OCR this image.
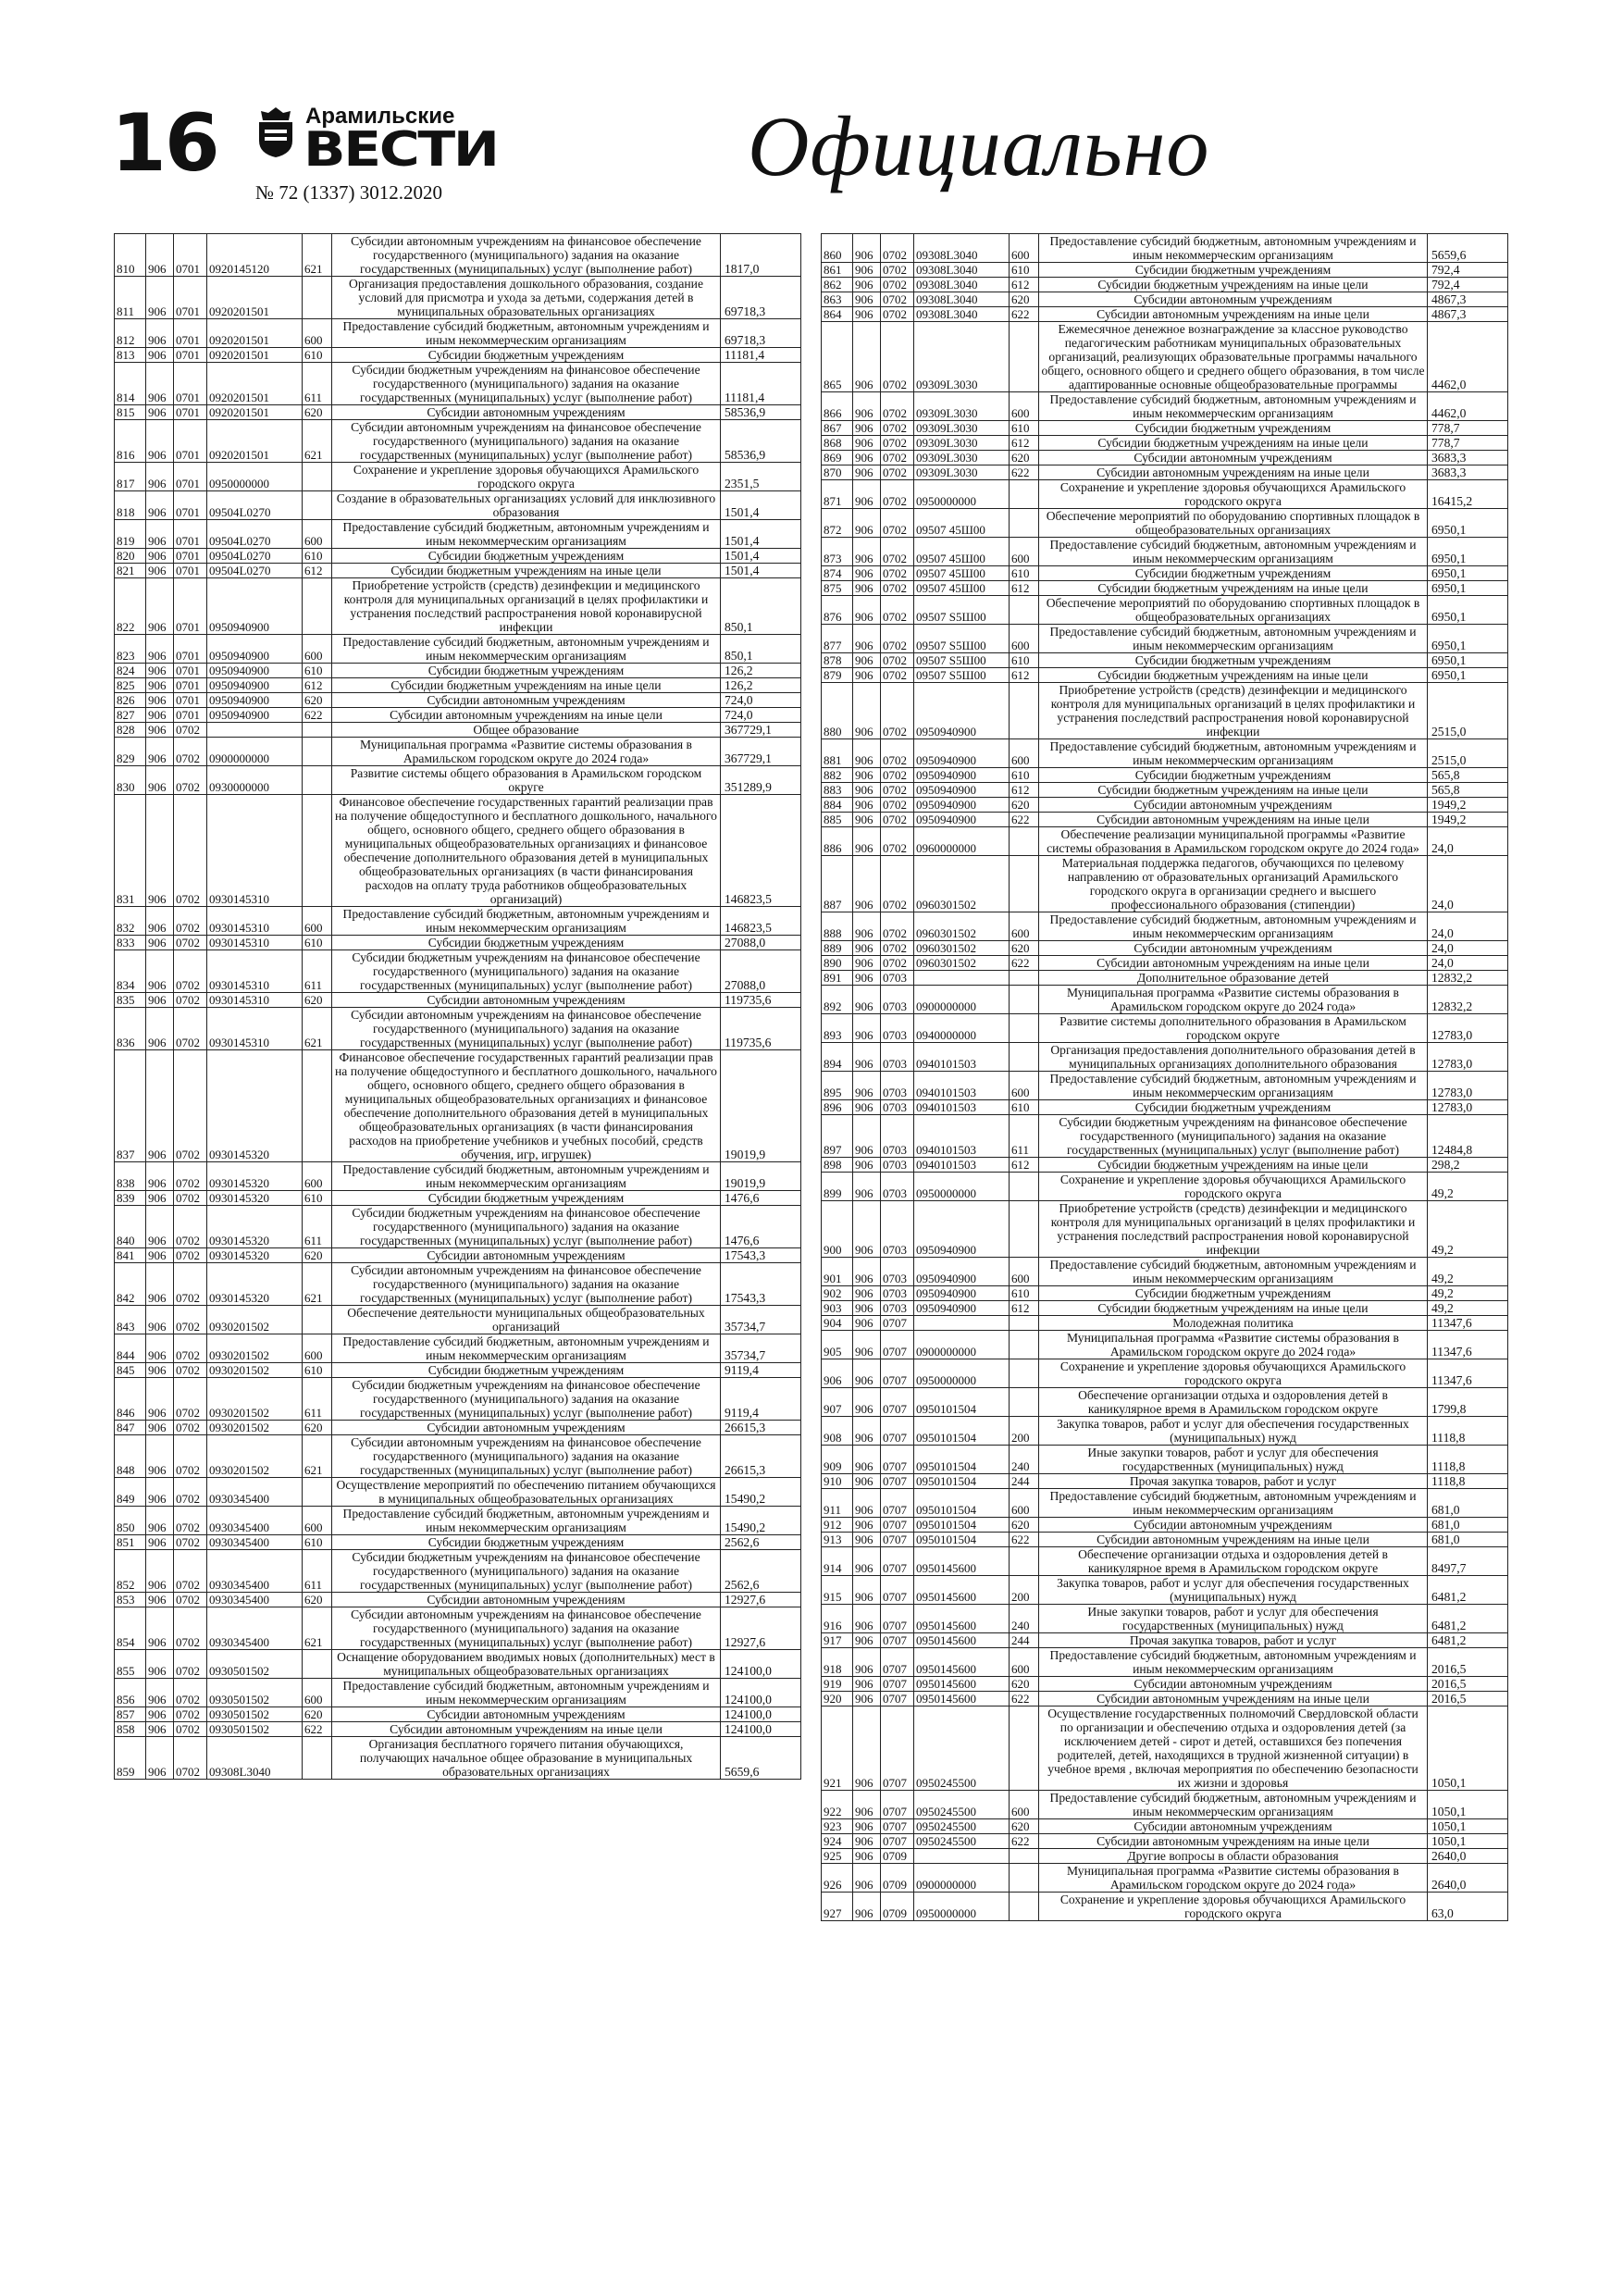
16	Арамильские
ВЕСТИ
№ 72 (1337) 3012.2020	Официально
810	906	0701	0920145120	621	Субсидии автономным учреждениям на финансовое обеспечение государственного (муниципального) задания на оказание государственных (муниципальных) услуг (выполнение работ)	1817,0
811	906	0701	0920201501		Организация предоставления дошкольного образования, создание условий для присмотра и ухода за детьми, содержания детей в муниципальных образовательных организациях	69718,3
812	906	0701	0920201501	600	Предоставление субсидий бюджетным, автономным учреждениям и иным некоммерческим организациям	69718,3
813	906	0701	0920201501	610	Субсидии бюджетным учреждениям	11181,4
814	906	0701	0920201501	611	Субсидии бюджетным учреждениям на финансовое обеспечение государственного (муниципального) задания на оказание государственных (муниципальных) услуг (выполнение работ)	11181,4
815	906	0701	0920201501	620	Субсидии автономным учреждениям	58536,9
816	906	0701	0920201501	621	Субсидии автономным учреждениям на финансовое обеспечение государственного (муниципального) задания на оказание государственных (муниципальных) услуг (выполнение работ)	58536,9
817	906	0701	0950000000		Сохранение и укрепление здоровья обучающихся Арамильского городского округа	2351,5
818	906	0701	09504L0270		Создание в образовательных организациях условий для инклюзивного образования	1501,4
819	906	0701	09504L0270	600	Предоставление субсидий бюджетным, автономным учреждениям и иным некоммерческим организациям	1501,4
820	906	0701	09504L0270	610	Субсидии бюджетным учреждениям	1501,4
821	906	0701	09504L0270	612	Субсидии бюджетным учреждениям на иные цели	1501,4
822	906	0701	0950940900		Приобретение устройств (средств) дезинфекции и медицинского контроля для муниципальных организаций в целях профилактики и устранения последствий распространения новой коронавирусной инфекции	850,1
823	906	0701	0950940900	600	Предоставление субсидий бюджетным, автономным учреждениям и иным некоммерческим организациям	850,1
824	906	0701	0950940900	610	Субсидии бюджетным учреждениям	126,2
825	906	0701	0950940900	612	Субсидии бюджетным учреждениям на иные цели	126,2
826	906	0701	0950940900	620	Субсидии автономным учреждениям	724,0
827	906	0701	0950940900	622	Субсидии автономным учреждениям на иные цели	724,0
828	906	0702			Общее образование	367729,1
829	906	0702	0900000000		Муниципальная программа «Развитие системы образования в Арамильском городском округе до 2024 года»	367729,1
830	906	0702	0930000000		Развитие системы общего образования в Арамильском городском округе	351289,9
831	906	0702	0930145310		Финансовое обеспечение государственных гарантий реализации прав на получение общедоступного и бесплатного дошкольного, начального общего, основного общего, среднего общего образования в муниципальных общеобразовательных организациях и финансовое обеспечение дополнительного образования детей в муниципальных общеобразовательных организациях (в части финансирования расходов на оплату труда работников общеобразовательных организаций)	146823,5
832	906	0702	0930145310	600	Предоставление субсидий бюджетным, автономным учреждениям и иным некоммерческим организациям	146823,5
833	906	0702	0930145310	610	Субсидии бюджетным учреждениям	27088,0
834	906	0702	0930145310	611	Субсидии бюджетным учреждениям на финансовое обеспечение государственного (муниципального) задания на оказание государственных (муниципальных) услуг (выполнение работ)	27088,0
835	906	0702	0930145310	620	Субсидии автономным учреждениям	119735,6
836	906	0702	0930145310	621	Субсидии автономным учреждениям на финансовое обеспечение государственного (муниципального) задания на оказание государственных (муниципальных) услуг (выполнение работ)	119735,6
837	906	0702	0930145320		Финансовое обеспечение государственных гарантий реализации прав на получение общедоступного и бесплатного дошкольного, начального общего, основного общего, среднего общего образования в муниципальных общеобразовательных организациях и финансовое обеспечение дополнительного образования детей в муниципальных общеобразовательных организациях (в части финансирования расходов на приобретение учебников и учебных пособий, средств обучения, игр, игрушек)	19019,9
838	906	0702	0930145320	600	Предоставление субсидий бюджетным, автономным учреждениям и иным некоммерческим организациям	19019,9
839	906	0702	0930145320	610	Субсидии бюджетным учреждениям	1476,6
840	906	0702	0930145320	611	Субсидии бюджетным учреждениям на финансовое обеспечение государственного (муниципального) задания на оказание государственных (муниципальных) услуг (выполнение работ)	1476,6
841	906	0702	0930145320	620	Субсидии автономным учреждениям	17543,3
842	906	0702	0930145320	621	Субсидии автономным учреждениям на финансовое обеспечение государственного (муниципального) задания на оказание государственных (муниципальных) услуг (выполнение работ)	17543,3
843	906	0702	0930201502		Обеспечение деятельности муниципальных общеобразовательных организаций	35734,7
844	906	0702	0930201502	600	Предоставление субсидий бюджетным, автономным учреждениям и иным некоммерческим организациям	35734,7
845	906	0702	0930201502	610	Субсидии бюджетным учреждениям	9119,4
846	906	0702	0930201502	611	Субсидии бюджетным учреждениям на финансовое обеспечение государственного (муниципального) задания на оказание государственных (муниципальных) услуг (выполнение работ)	9119,4
847	906	0702	0930201502	620	Субсидии автономным учреждениям	26615,3
848	906	0702	0930201502	621	Субсидии автономным учреждениям на финансовое обеспечение государственного (муниципального) задания на оказание государственных (муниципальных) услуг (выполнение работ)	26615,3
849	906	0702	0930345400		Осуществление мероприятий по обеспечению питанием обучающихся в муниципальных общеобразовательных организациях	15490,2
850	906	0702	0930345400	600	Предоставление субсидий бюджетным, автономным учреждениям и иным некоммерческим организациям	15490,2
851	906	0702	0930345400	610	Субсидии бюджетным учреждениям	2562,6
852	906	0702	0930345400	611	Субсидии бюджетным учреждениям на финансовое обеспечение государственного (муниципального) задания на оказание государственных (муниципальных) услуг (выполнение работ)	2562,6
853	906	0702	0930345400	620	Субсидии автономным учреждениям	12927,6
854	906	0702	0930345400	621	Субсидии автономным учреждениям на финансовое обеспечение государственного (муниципального) задания на оказание государственных (муниципальных) услуг (выполнение работ)	12927,6
855	906	0702	0930501502		Оснащение оборудованием вводимых новых (дополнительных) мест в муниципальных общеобразовательных организациях	124100,0
856	906	0702	0930501502	600	Предоставление субсидий бюджетным, автономным учреждениям и иным некоммерческим организациям	124100,0
857	906	0702	0930501502	620	Субсидии автономным учреждениям	124100,0
858	906	0702	0930501502	622	Субсидии автономным учреждениям на иные цели	124100,0
859	906	0702	09308L3040		Организация бесплатного горячего питания обучающихся, получающих начальное общее образование в муниципальных образовательных организациях	5659,6
860	906	0702	09308L3040	600	Предоставление субсидий бюджетным, автономным учреждениям и иным некоммерческим организациям	5659,6
861	906	0702	09308L3040	610	Субсидии бюджетным учреждениям	792,4
862	906	0702	09308L3040	612	Субсидии бюджетным учреждениям на иные цели	792,4
863	906	0702	09308L3040	620	Субсидии автономным учреждениям	4867,3
864	906	0702	09308L3040	622	Субсидии автономным учреждениям на иные цели	4867,3
865	906	0702	09309L3030		Ежемесячное денежное вознаграждение за классное руководство педагогическим работникам муниципальных образовательных организаций, реализующих образовательные программы начального общего, основного общего и среднего общего образования, в том числе адаптированные основные общеобразовательные программы	4462,0
866	906	0702	09309L3030	600	Предоставление субсидий бюджетным, автономным учреждениям и иным некоммерческим организациям	4462,0
867	906	0702	09309L3030	610	Субсидии бюджетным учреждениям	778,7
868	906	0702	09309L3030	612	Субсидии бюджетным учреждениям на иные цели	778,7
869	906	0702	09309L3030	620	Субсидии автономным учреждениям	3683,3
870	906	0702	09309L3030	622	Субсидии автономным учреждениям на иные цели	3683,3
871	906	0702	0950000000		Сохранение и укрепление здоровья обучающихся Арамильского городского округа	16415,2
872	906	0702	09507 45Ш00		Обеспечение мероприятий по оборудованию спортивных площадок в общеобразовательных организациях	6950,1
873	906	0702	09507 45Ш00	600	Предоставление субсидий бюджетным, автономным учреждениям и иным некоммерческим организациям	6950,1
874	906	0702	09507 45Ш00	610	Субсидии бюджетным учреждениям	6950,1
875	906	0702	09507 45Ш00	612	Субсидии бюджетным учреждениям на иные цели	6950,1
876	906	0702	09507 S5Ш00		Обеспечение мероприятий по оборудованию спортивных площадок в общеобразовательных организациях	6950,1
877	906	0702	09507 S5Ш00	600	Предоставление субсидий бюджетным, автономным учреждениям и иным некоммерческим организациям	6950,1
878	906	0702	09507 S5Ш00	610	Субсидии бюджетным учреждениям	6950,1
879	906	0702	09507 S5Ш00	612	Субсидии бюджетным учреждениям на иные цели	6950,1
880	906	0702	0950940900		Приобретение устройств (средств) дезинфекции и медицинского контроля для муниципальных организаций в целях профилактики и устранения последствий распространения новой коронавирусной инфекции	2515,0
881	906	0702	0950940900	600	Предоставление субсидий бюджетным, автономным учреждениям и иным некоммерческим организациям	2515,0
882	906	0702	0950940900	610	Субсидии бюджетным учреждениям	565,8
883	906	0702	0950940900	612	Субсидии бюджетным учреждениям на иные цели	565,8
884	906	0702	0950940900	620	Субсидии автономным учреждениям	1949,2
885	906	0702	0950940900	622	Субсидии автономным учреждениям на иные цели	1949,2
886	906	0702	0960000000		Обеспечение реализации муниципальной программы «Развитие системы образования в Арамильском городском округе до 2024 года»	24,0
887	906	0702	0960301502		Материальная поддержка педагогов, обучающихся по целевому направлению от образовательных организаций Арамильского городского округа в организации среднего и высшего профессионального образования (стипендии)	24,0
888	906	0702	0960301502	600	Предоставление субсидий бюджетным, автономным учреждениям и иным некоммерческим организациям	24,0
889	906	0702	0960301502	620	Субсидии автономным учреждениям	24,0
890	906	0702	0960301502	622	Субсидии автономным учреждениям на иные цели	24,0
891	906	0703			Дополнительное образование детей	12832,2
892	906	0703	0900000000		Муниципальная программа «Развитие системы образования в Арамильском городском округе до 2024 года»	12832,2
893	906	0703	0940000000		Развитие системы дополнительного образования в Арамильском городском округе	12783,0
894	906	0703	0940101503		Организация предоставления дополнительного образования детей в муниципальных организациях дополнительного образования	12783,0
895	906	0703	0940101503	600	Предоставление субсидий бюджетным, автономным учреждениям и иным некоммерческим организациям	12783,0
896	906	0703	0940101503	610	Субсидии бюджетным учреждениям	12783,0
897	906	0703	0940101503	611	Субсидии бюджетным учреждениям на финансовое обеспечение государственного (муниципального) задания на оказание государственных (муниципальных) услуг (выполнение работ)	12484,8
898	906	0703	0940101503	612	Субсидии бюджетным учреждениям на иные цели	298,2
899	906	0703	0950000000		Сохранение и укрепление здоровья обучающихся Арамильского городского округа	49,2
900	906	0703	0950940900		Приобретение устройств (средств) дезинфекции и медицинского контроля для муниципальных организаций в целях профилактики и устранения последствий распространения новой коронавирусной инфекции	49,2
901	906	0703	0950940900	600	Предоставление субсидий бюджетным, автономным учреждениям и иным некоммерческим организациям	49,2
902	906	0703	0950940900	610	Субсидии бюджетным учреждениям	49,2
903	906	0703	0950940900	612	Субсидии бюджетным учреждениям на иные цели	49,2
904	906	0707			Молодежная политика	11347,6
905	906	0707	0900000000		Муниципальная программа «Развитие системы образования в Арамильском городском округе до 2024 года»	11347,6
906	906	0707	0950000000		Сохранение и укрепление здоровья обучающихся Арамильского городского округа	11347,6
907	906	0707	0950101504		Обеспечение организации отдыха и оздоровления детей в каникулярное время в Арамильском городском округе	1799,8
908	906	0707	0950101504	200	Закупка товаров, работ и услуг для обеспечения государственных (муниципальных) нужд	1118,8
909	906	0707	0950101504	240	Иные закупки товаров, работ и услуг для обеспечения государственных (муниципальных) нужд	1118,8
910	906	0707	0950101504	244	Прочая закупка товаров, работ и услуг	1118,8
911	906	0707	0950101504	600	Предоставление субсидий бюджетным, автономным учреждениям и иным некоммерческим организациям	681,0
912	906	0707	0950101504	620	Субсидии автономным учреждениям	681,0
913	906	0707	0950101504	622	Субсидии автономным учреждениям на иные цели	681,0
914	906	0707	0950145600		Обеспечение организации отдыха и оздоровления детей в каникулярное время в Арамильском городском округе	8497,7
915	906	0707	0950145600	200	Закупка товаров, работ и услуг для обеспечения государственных (муниципальных) нужд	6481,2
916	906	0707	0950145600	240	Иные закупки товаров, работ и услуг для обеспечения государственных (муниципальных) нужд	6481,2
917	906	0707	0950145600	244	Прочая закупка товаров, работ и услуг	6481,2
918	906	0707	0950145600	600	Предоставление субсидий бюджетным, автономным учреждениям и иным некоммерческим организациям	2016,5
919	906	0707	0950145600	620	Субсидии автономным учреждениям	2016,5
920	906	0707	0950145600	622	Субсидии автономным учреждениям на иные цели	2016,5
921	906	0707	0950245500		Осуществление государственных полномочий Свердловской области по организации и обеспечению отдыха и оздоровления детей (за исключением детей - сирот и детей, оставшихся без попечения родителей, детей, находящихся в трудной жизненной ситуации) в учебное время , включая мероприятия по обеспечению безопасности их жизни и здоровья	1050,1
922	906	0707	0950245500	600	Предоставление субсидий бюджетным, автономным учреждениям и иным некоммерческим организациям	1050,1
923	906	0707	0950245500	620	Субсидии автономным учреждениям	1050,1
924	906	0707	0950245500	622	Субсидии автономным учреждениям на иные цели	1050,1
925	906	0709			Другие вопросы в области образования	2640,0
926	906	0709	0900000000		Муниципальная программа «Развитие системы образования в Арамильском городском округе до 2024 года»	2640,0
927	906	0709	0950000000		Сохранение и укрепление здоровья обучающихся Арамильского городского округа	63,0
